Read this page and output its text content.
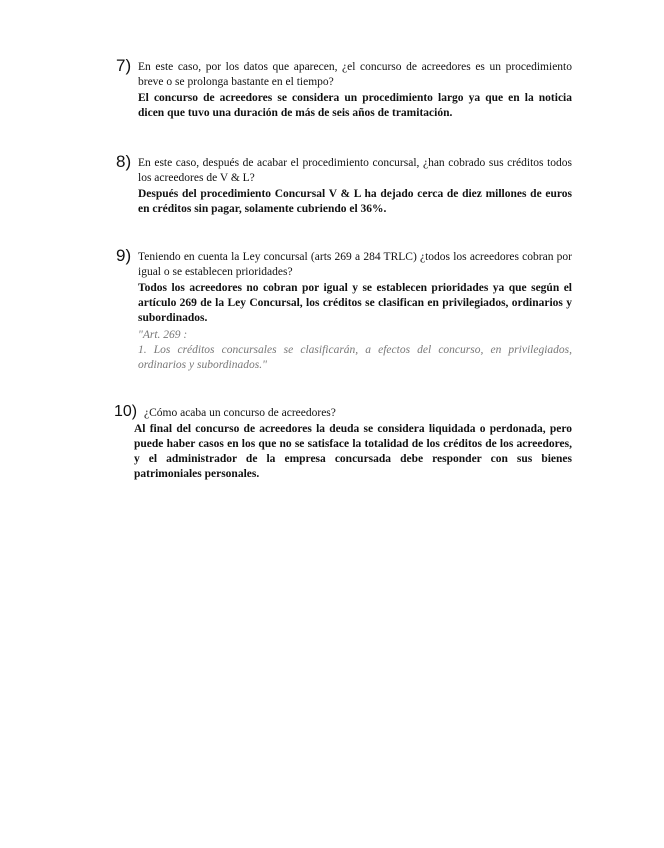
7) En este caso, por los datos que aparecen, ¿el concurso de acreedores es un procedimiento breve o se prolonga bastante en el tiempo?
El concurso de acreedores se considera un procedimiento largo ya que en la noticia dicen que tuvo una duración de más de seis años de tramitación.
8) En este caso, después de acabar el procedimiento concursal, ¿han cobrado sus créditos todos los acreedores de V & L?
Después del procedimiento Concursal V & L ha dejado cerca de diez millones de euros en créditos sin pagar, solamente cubriendo el 36%.
9) Teniendo en cuenta la Ley concursal (arts 269 a 284 TRLC) ¿todos los acreedores cobran por igual o se establecen prioridades?
Todos los acreedores no cobran por igual y se establecen prioridades ya que según el artículo 269 de la Ley Concursal, los créditos se clasifican en privilegiados, ordinarios y subordinados.

"Art. 269 :

1. Los créditos concursales se clasificarán, a efectos del concurso, en privilegiados, ordinarios y subordinados."

10) ¿Cómo acaba un concurso de acreedores?
Al final del concurso de acreedores la deuda se considera liquidada o perdonada, pero puede haber casos en los que no se satisface la totalidad de los créditos de los acreedores, y el administrador de la empresa concursada debe responder con sus bienes patrimoniales personales.
